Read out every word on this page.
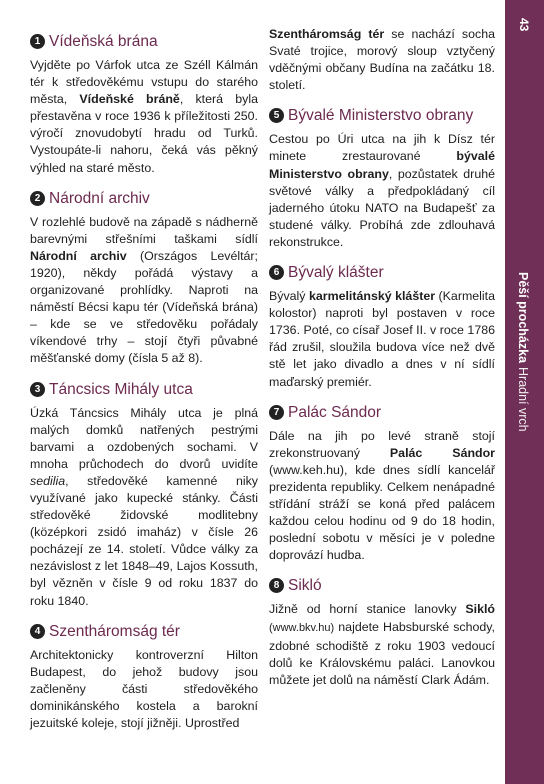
1 Vídeňská brána

Vyjděte po Várfok utca ze Széll Kálmán tér k středověkému vstupu do starého města, Vídeňské bráně, která byla přestavěna v roce 1936 k příležitosti 250. výročí znovudobytí hradu od Turků. Vystoupáte-li nahoru, čeká vás pěkný výhled na staré město.

2 Národní archiv

V rozlehlé budově na západě s nádherně barevnými střešními taškami sídlí Národní archiv (Országos Levéltár; 1920), někdy pořádá výstavy a organizované prohlídky. Naproti na náměstí Bécsi kapu tér (Vídeňská brána) – kde se ve středověku pořádaly víkendové trhy – stojí čtyři půvabné měšťanské domy (čísla 5 až 8).

3 Táncsics Mihály utca

Úzká Táncsics Mihály utca je plná malých domků natřených pestrými barvami a ozdobených sochami. V mnoha průchodech do dvorů uvidíte sedilia, středověké kamenné niky využívané jako kupecké stánky. Části středověké židovské modlitebny (középkori zsidó imaház) v čísle 26 pocházejí ze 14. století. Vůdce války za nezávislost z let 1848–49, Lajos Kossuth, byl vězněn v čísle 9 od roku 1837 do roku 1840.

4 Szentháromság tér

Architektonicky kontroverzní Hilton Budapest, do jehož budovy jsou začleněny části středověkého dominikánského kostela a barokní jezuitské koleje, stojí jižněji. Uprostřed

Szentháromság tér se nachází socha Svaté trojice, morový sloup vztyčený vděčnými občany Budína na začátku 18. století.

5 Bývalé Ministerstvo obrany

Cestou po Úri utca na jih k Dísz tér minete zrestaurované bývalé Ministerstvo obrany, pozůstatek druhé světové války a předpokládaný cíl jaderného útoku NATO na Budapešť za studené války. Probíhá zde zdlouhavá rekonstrukce.

6 Bývalý klášter

Bývalý karmelitánský klášter (Karmelita kolostor) naproti byl postaven v roce 1736. Poté, co císař Josef II. v roce 1786 řád zrušil, sloužila budova více než dvě stě let jako divadlo a dnes v ní sídlí maďarský premiér.

7 Palác Sándor

Dále na jih po levé straně stojí zrekonstruovaný Palác Sándor (www.keh.hu), kde dnes sídlí kancelář prezidenta republiky. Celkem nenápadné střídání stráží se koná před palácem každou celou hodinu od 9 do 18 hodin, poslední sobotu v měsíci je v poledne doprovází hudba.

8 Sikló

Jižně od horní stanice lanovky Sikló (www.bkv.hu) najdete Habsburské schody, zdobné schodiště z roku 1903 vedoucí dolů ke Královskému paláci. Lanovkou můžete jet dolů na náměstí Clark Ádám.

43
Pěší procházka Hradní vrch
